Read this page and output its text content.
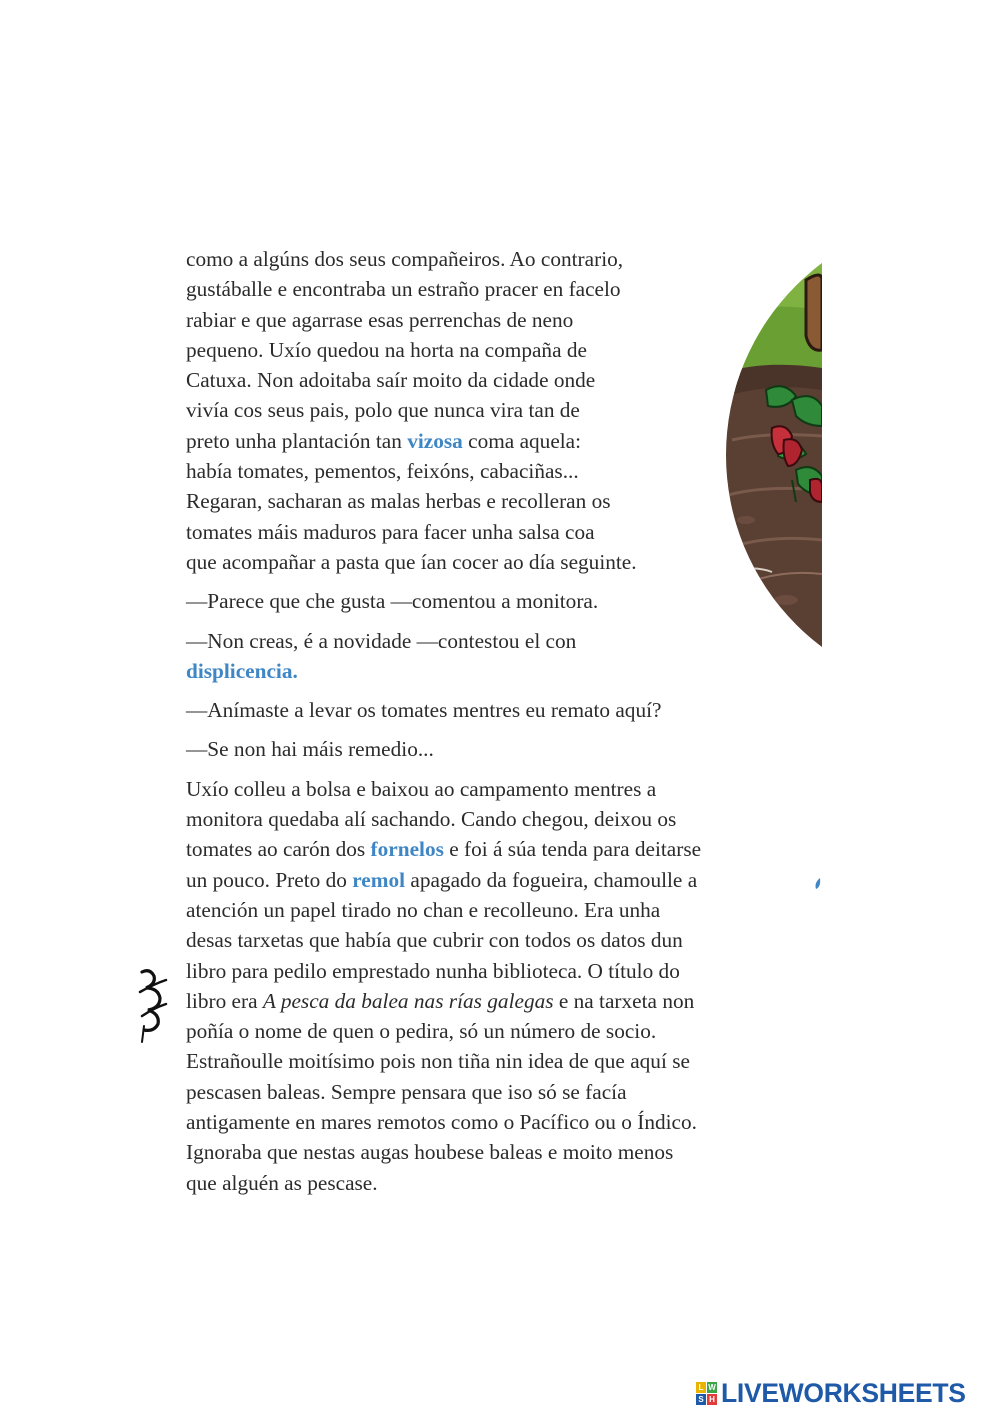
como a algúns dos seus compañeiros. Ao contrario,
gustáballe e encontraba un estraño pracer en facelo
rabiar e que agarrase esas perrenchas de neno
pequeno. Uxío quedou na horta na compaña de
Catuxa. Non adoitaba saír moito da cidade onde
vivía cos seus pais, polo que nunca vira tan de
preto unha plantación tan vizosa coma aquela:
había tomates, pementos, feixóns, cabaciñas...
Regaran, sacharan as malas herbas e recolleran os
tomates máis maduros para facer unha salsa coa
que acompañar a pasta que ían cocer ao día seguinte.

—Parece que che gusta —comentou a monitora.

—Non creas, é a novidade —contestou el con
displicencia.

—Anímaste a levar os tomates mentres eu remato aquí?

—Se non hai máis remedio...

Uxío colleu a bolsa e baixou ao campamento mentres a
monitora quedaba alí sachando. Cando chegou, deixou os
tomates ao carón dos fornelos e foi á súa tenda para deitarse
un pouco. Preto do remol apagado da fogueira, chamoulle a
atención un papel tirado no chan e recolleuno. Era unha
desas tarxetas que había que cubrir con todos os datos dun
libro para pedilo emprestado nunha biblioteca. O título do
libro era A pesca da balea nas rías galegas e na tarxeta non
poñía o nome de quen o pedira, só un número de socio.
Estrañoulle moitísimo pois non tiña nin idea de que aquí se
pescasen baleas. Sempre pensara que iso só se facía
antigamente en mares remotos como o Pacífico ou o Índico.
Ignoraba que nestas augas houbese baleas e moito menos
que alguén as pescase.

L W
S H LIVEWORKSHEETS
